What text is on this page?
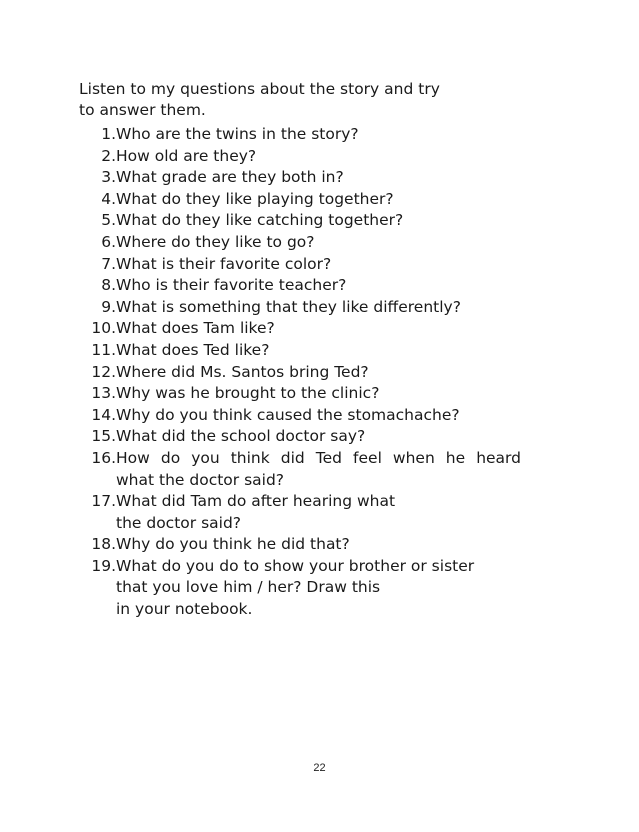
Listen to my questions about the story and try
to answer them.
1. Who are the twins in the story?
2. How old are they?
3. What grade are they both in?
4. What do they like playing together?
5. What do they like catching together?
6. Where do they like to go?
7. What is their favorite color?
8. Who is their favorite teacher?
9. What is something that they like differently?
10. What does Tam like?
11. What does Ted like?
12. Where did Ms. Santos bring Ted?
13. Why was he brought to the clinic?
14. Why do you think caused the stomachache?
15. What did the school doctor say?
16. How do you think did Ted feel when he heard
what the doctor said?
17. What did Tam do after hearing what
the doctor said?
18. Why do you think he did that?
19. What do you do to show your brother or sister
that you love him / her? Draw this
in your notebook.
22
